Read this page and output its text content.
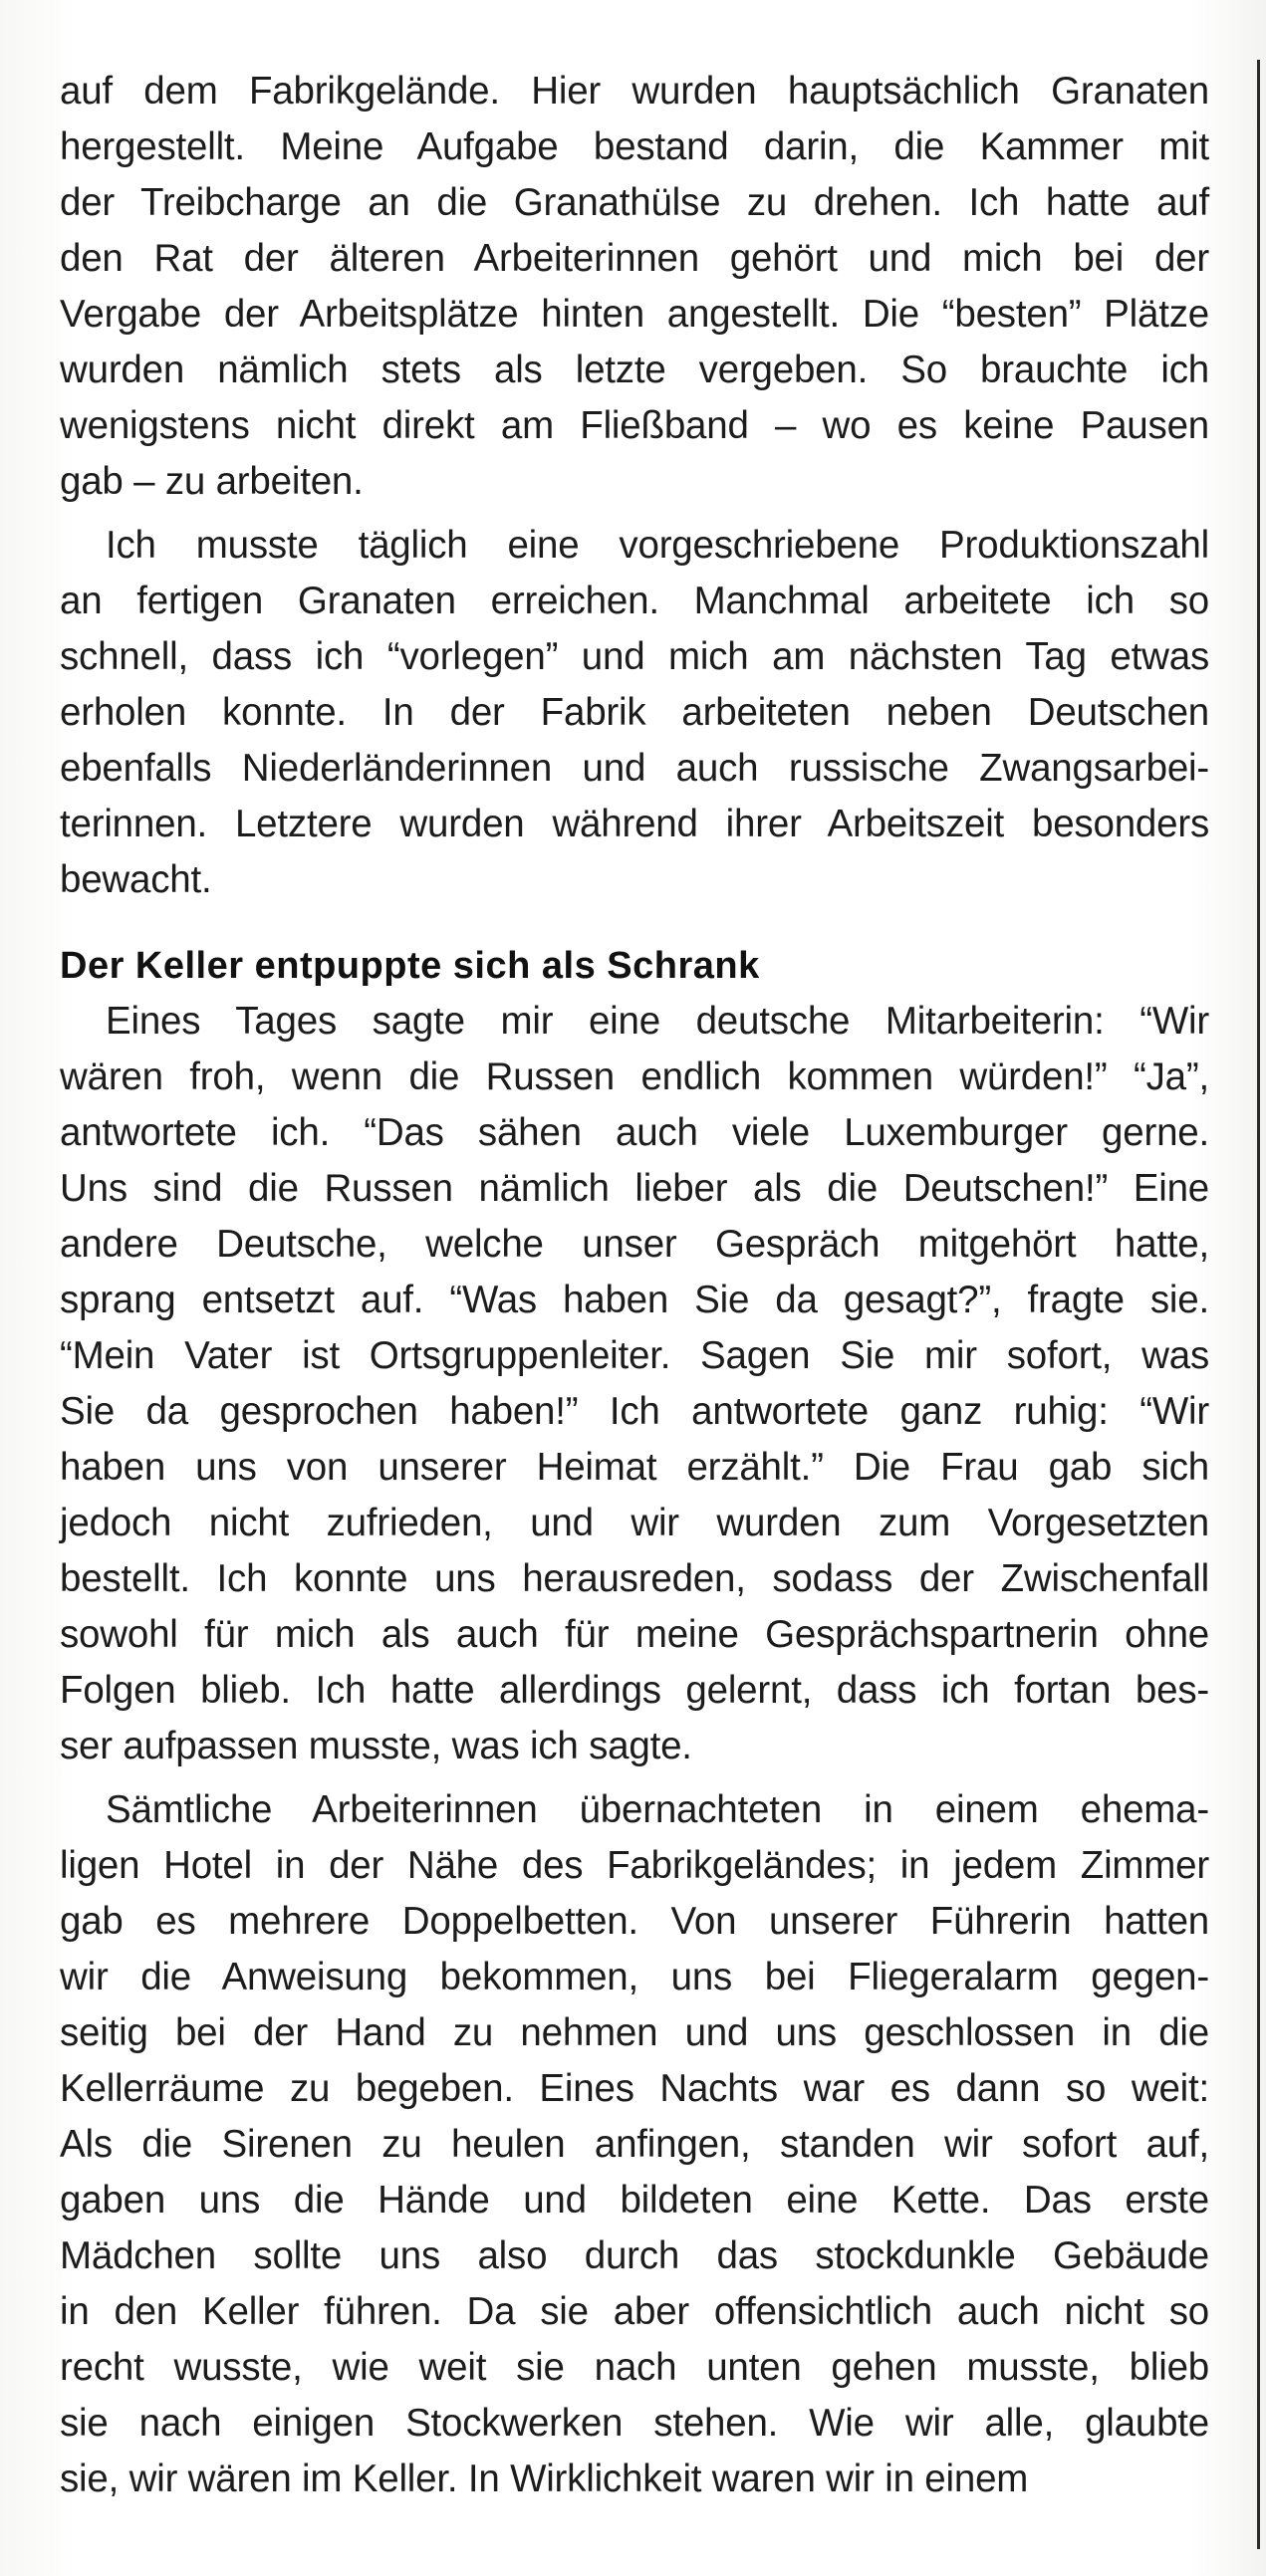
auf dem Fabrikgelände. Hier wurden hauptsächlich Granaten
hergestellt. Meine Aufgabe bestand darin, die Kammer mit
der Treibcharge an die Granathülse zu drehen. Ich hatte auf
den Rat der älteren Arbeiterinnen gehört und mich bei der
Vergabe der Arbeitsplätze hinten angestellt. Die “besten” Plätze
wurden nämlich stets als letzte vergeben. So brauchte ich
wenigstens nicht direkt am Fließband – wo es keine Pausen
gab – zu arbeiten.
Ich musste täglich eine vorgeschriebene Produktionszahl
an fertigen Granaten erreichen. Manchmal arbeitete ich so
schnell, dass ich “vorlegen” und mich am nächsten Tag etwas
erholen konnte. In der Fabrik arbeiteten neben Deutschen
ebenfalls Niederländerinnen und auch russische Zwangsarbei-
terinnen. Letztere wurden während ihrer Arbeitszeit besonders
bewacht.
Der Keller entpuppte sich als Schrank
Eines Tages sagte mir eine deutsche Mitarbeiterin: “Wir
wären froh, wenn die Russen endlich kommen würden!” “Ja”,
antwortete ich. “Das sähen auch viele Luxemburger gerne.
Uns sind die Russen nämlich lieber als die Deutschen!” Eine
andere Deutsche, welche unser Gespräch mitgehört hatte,
sprang entsetzt auf. “Was haben Sie da gesagt?”, fragte sie.
“Mein Vater ist Ortsgruppenleiter. Sagen Sie mir sofort, was
Sie da gesprochen haben!” Ich antwortete ganz ruhig: “Wir
haben uns von unserer Heimat erzählt.” Die Frau gab sich
jedoch nicht zufrieden, und wir wurden zum Vorgesetzten
bestellt. Ich konnte uns herausreden, sodass der Zwischenfall
sowohl für mich als auch für meine Gesprächspartnerin ohne
Folgen blieb. Ich hatte allerdings gelernt, dass ich fortan bes-
ser aufpassen musste, was ich sagte.
Sämtliche Arbeiterinnen übernachteten in einem ehema-
ligen Hotel in der Nähe des Fabrikgeländes; in jedem Zimmer
gab es mehrere Doppelbetten. Von unserer Führerin hatten
wir die Anweisung bekommen, uns bei Fliegeralarm gegen-
seitig bei der Hand zu nehmen und uns geschlossen in die
Kellerräume zu begeben. Eines Nachts war es dann so weit:
Als die Sirenen zu heulen anfingen, standen wir sofort auf,
gaben uns die Hände und bildeten eine Kette. Das erste
Mädchen sollte uns also durch das stockdunkle Gebäude
in den Keller führen. Da sie aber offensichtlich auch nicht so
recht wusste, wie weit sie nach unten gehen musste, blieb
sie nach einigen Stockwerken stehen. Wie wir alle, glaubte
sie, wir wären im Keller. In Wirklichkeit waren wir in einem
